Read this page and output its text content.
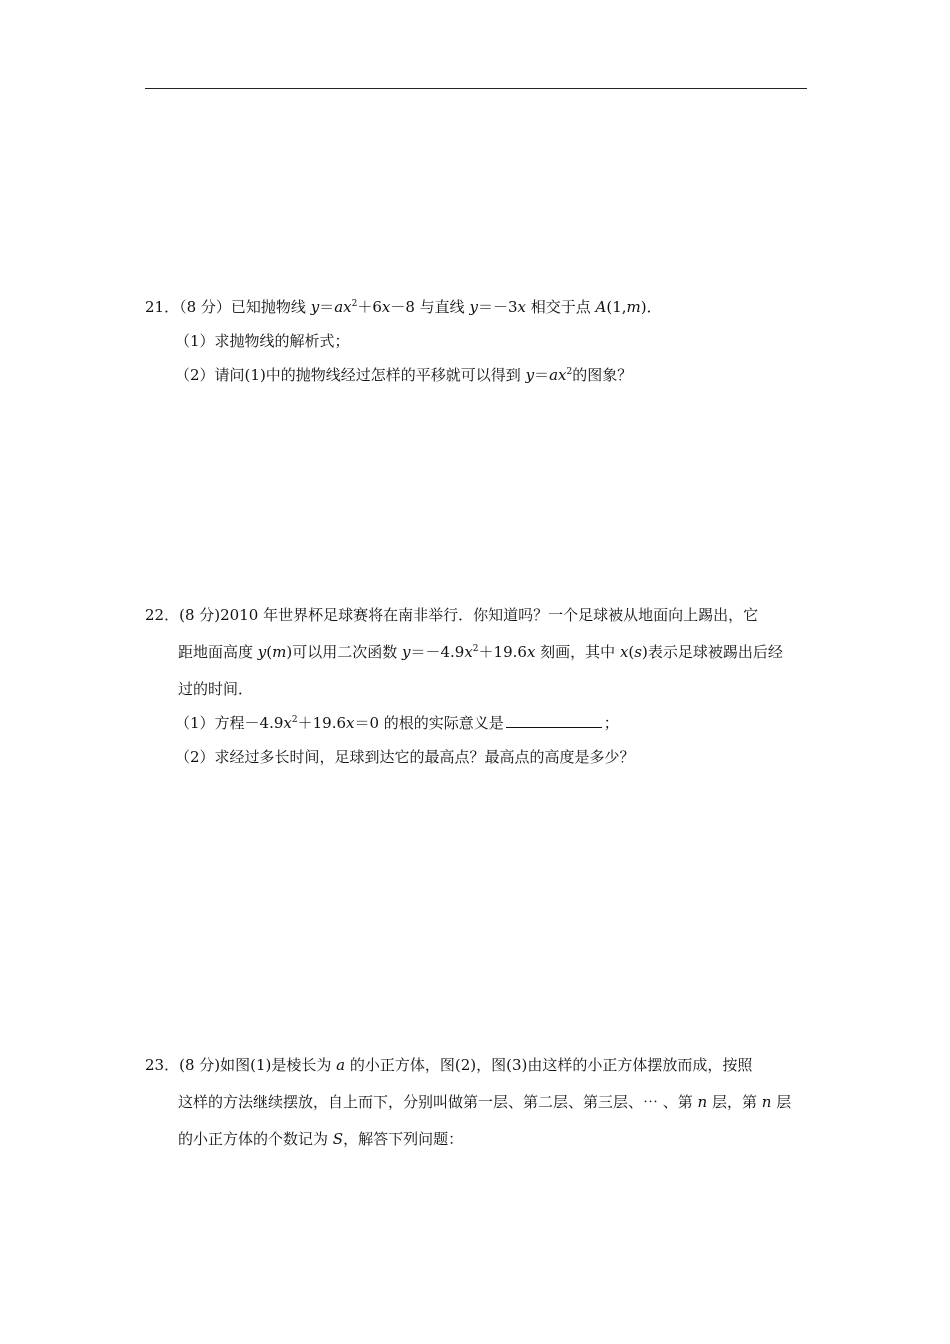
21．（8 分）已知抛物线 $y=ax^2+6x-8$ 与直线 y＝－3x 相交于点 A(1,m)．
（1）求抛物线的解析式；
（2）请问(1)中的抛物线经过怎样的平移就可以得到 $y=ax^2$的图象？
22．(8 分)2010 年世界杯足球赛将在南非举行．你知道吗？一个足球被从地面向上踢出，它
距地面高度 y(m)可以用二次函数 $y=-4.9x^2+19.6x$ 刻画，其中 x(s)表示足球被踢出后经
过的时间．
（1）方程$-4.9x^2+19.6x=0$ 的根的实际意义是	；
（2）求经过多长时间，足球到达它的最高点？最高点的高度是多少？
23．(8 分)如图(1)是棱长为 a 的小正方体，图(2)，图(3)由这样的小正方体摆放而成，按照
这样的方法继续摆放，自上而下，分别叫做第一层、第二层、第三层、⋯ 、第 n 层，第 n 层
的小正方体的个数记为 S，解答下列问题：
